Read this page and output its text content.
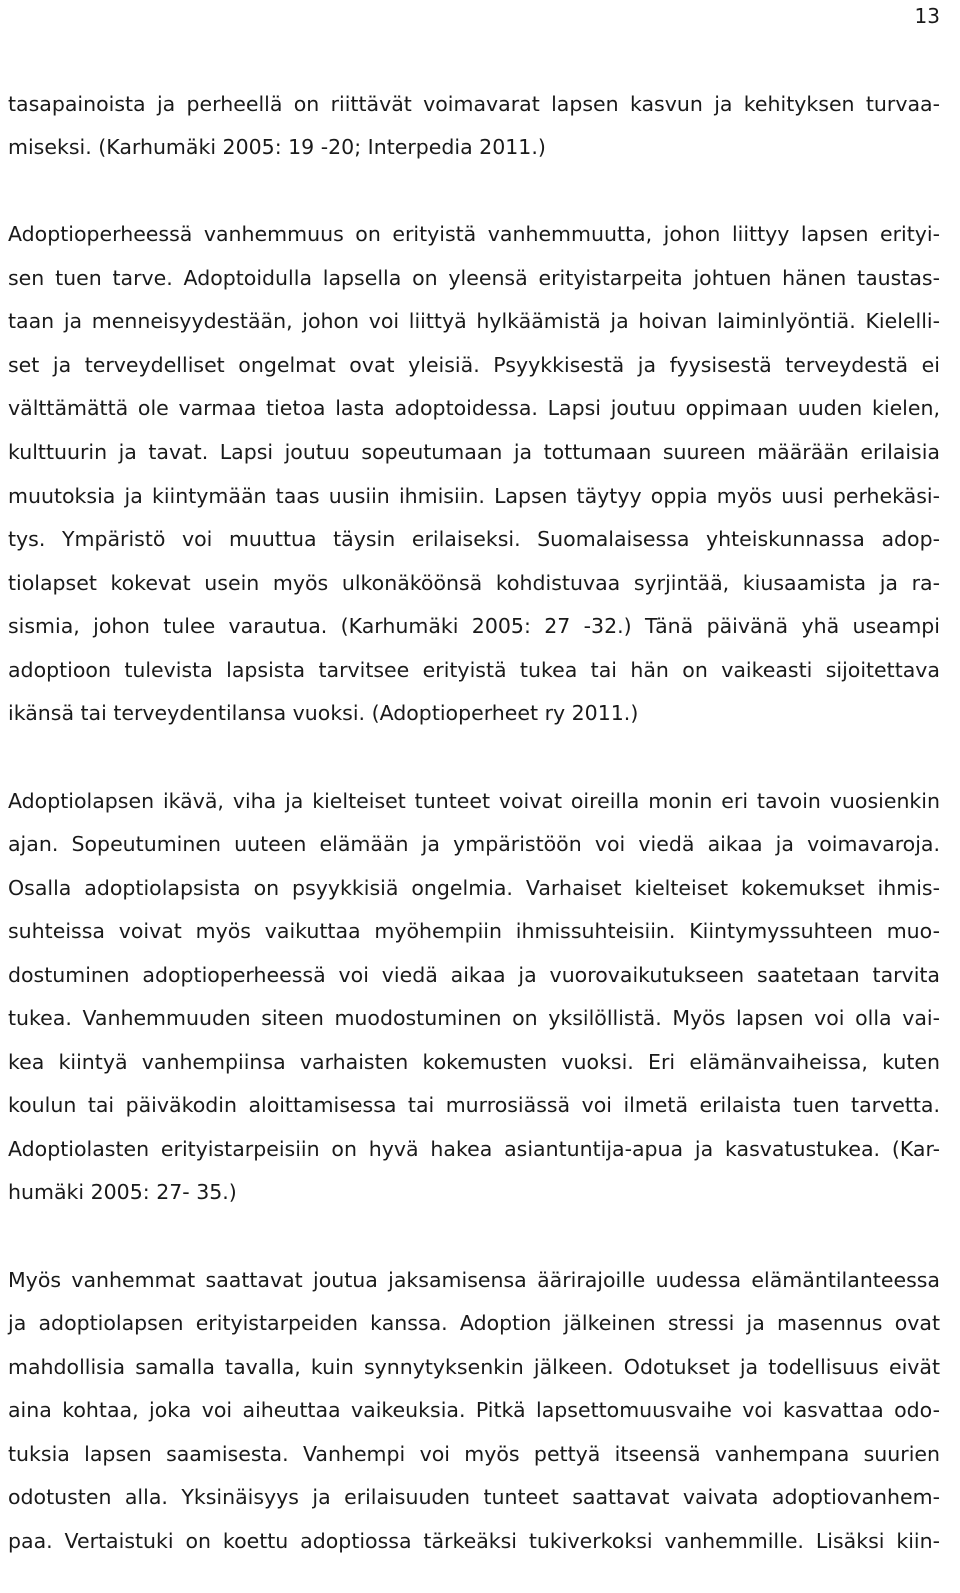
13
tasapainoista ja perheellä on riittävät voimavarat lapsen kasvun ja kehityksen turvaa-
miseksi. (Karhumäki 2005: 19 -20; Interpedia 2011.)
Adoptioperheessä vanhemmuus on erityistä vanhemmuutta, johon liittyy lapsen erityi-
sen tuen tarve. Adoptoidulla lapsella on yleensä erityistarpeita johtuen hänen taustas-
taan ja menneisyydestään, johon voi liittyä hylkäämistä ja hoivan laiminlyöntiä. Kielelli-
set ja terveydelliset ongelmat ovat yleisiä. Psyykkisestä ja fyysisestä terveydestä ei
välttämättä ole varmaa tietoa lasta adoptoidessa. Lapsi joutuu oppimaan uuden kielen,
kulttuurin ja tavat. Lapsi joutuu sopeutumaan ja tottumaan suureen määrään erilaisia
muutoksia ja kiintymään taas uusiin ihmisiin. Lapsen täytyy oppia myös uusi perhekäsi-
tys. Ympäristö voi muuttua täysin erilaiseksi. Suomalaisessa yhteiskunnassa adop-
tiolapset kokevat usein myös ulkonäköönsä kohdistuvaa syrjintää, kiusaamista ja ra-
sismia, johon tulee varautua. (Karhumäki 2005: 27 -32.) Tänä päivänä yhä useampi
adoptioon tulevista lapsista tarvitsee erityistä tukea tai hän on vaikeasti sijoitettava
ikänsä tai terveydentilansa vuoksi. (Adoptioperheet ry 2011.)
Adoptiolapsen ikävä, viha ja kielteiset tunteet voivat oireilla monin eri tavoin vuosienkin
ajan. Sopeutuminen uuteen elämään ja ympäristöön voi viedä aikaa ja voimavaroja.
Osalla adoptiolapsista on psyykkisiä ongelmia. Varhaiset kielteiset kokemukset ihmis-
suhteissa voivat myös vaikuttaa myöhempiin ihmissuhteisiin. Kiintymyssuhteen muo-
dostuminen adoptioperheessä voi viedä aikaa ja vuorovaikutukseen saatetaan tarvita
tukea. Vanhemmuuden siteen muodostuminen on yksilöllistä. Myös lapsen voi olla vai-
kea kiintyä vanhempiinsa varhaisten kokemusten vuoksi. Eri elämänvaiheissa, kuten
koulun tai päiväkodin aloittamisessa tai murrosiässä voi ilmetä erilaista tuen tarvetta.
Adoptiolasten erityistarpeisiin on hyvä hakea asiantuntija-apua ja kasvatustukea. (Kar-
humäki 2005: 27- 35.)
Myös vanhemmat saattavat joutua jaksamisensa äärirajoille uudessa elämäntilanteessa
ja adoptiolapsen erityistarpeiden kanssa. Adoption jälkeinen stressi ja masennus ovat
mahdollisia samalla tavalla, kuin synnytyksenkin jälkeen. Odotukset ja todellisuus eivät
aina kohtaa, joka voi aiheuttaa vaikeuksia. Pitkä lapsettomuusvaihe voi kasvattaa odo-
tuksia lapsen saamisesta. Vanhempi voi myös pettyä itseensä vanhempana suurien
odotusten alla. Yksinäisyys ja erilaisuuden tunteet saattavat vaivata adoptiovanhem-
paa. Vertaistuki on koettu adoptiossa tärkeäksi tukiverkoksi vanhemmille. Lisäksi kiin-
